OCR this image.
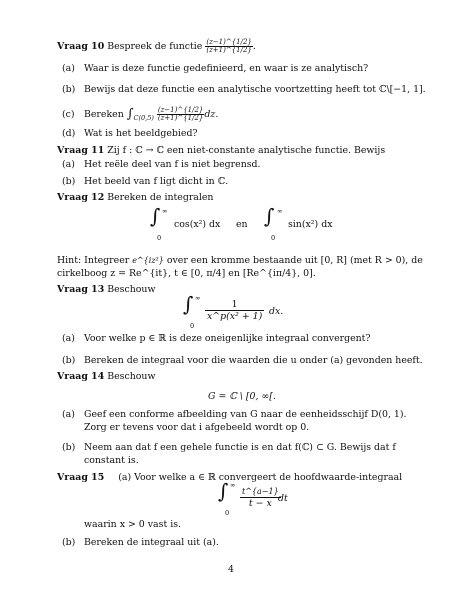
Vraag 10 Bespreek de functie $\frac{(z-1)\^{}\{1/2\}}{(z+1)\^{}\{1/2\}}$ .
(a) Waar is deze functie gedefinieerd, en waar is ze analytisch?
(b) Bewijs dat deze functie een analytische voortzetting heeft tot ℂ\[−1, 1].
(c) Bereken $\int_{C(0,5)} \frac{(z-1)\^{}\{1/2\}}{(z+1)\^{}\{1/2\}}$ dz.
(d) Wat is het beeldgebied?
Vraag 11 Zij f : ℂ → ℂ een niet-constante analytische functie. Bewijs
(a) Het reële deel van f is niet begrensd.
(b) Het beeld van f ligt dicht in ℂ.
Vraag 12 Bereken de integralen
∞
0
∫ cos(x²) dx en
∞
0
∫ sin(x²) dx
Hint: Integreer e^{iz²} over een kromme bestaande uit [0, R] (met R > 0), de
cirkelboog z = Re^{it}, t ∈ [0, π/4] en [Re^{iπ/4}, 0].
Vraag 13 Beschouw
∞
0
∫ $\frac{1}{\text{x\textasciicircum{}p(x² + 1)}}$ dx.
(a) Voor welke p ∈ ℝ is deze oneigenlijke integraal convergent?
(b) Bereken de integraal voor die waarden die u onder (a) gevonden heeft.
Vraag 14 Beschouw
G = ℂ \ [0, ∞[.
(a) Geef een conforme afbeelding van G naar de eenheidsschijf D(0, 1).
Zorg er tevens voor dat i afgebeeld wordt op 0.
(b) Neem aan dat f een gehele functie is en dat f(ℂ) ⊂ G. Bewijs dat f
constant is.
Vraag 15 (a) Voor welke a ∈ ℝ convergeert de hoofdwaarde-integraal
∞
0
∫ $\frac{t\^{}\{a-1\}}{t - x}$
dt
waarin x > 0 vast is.
(b) Bereken de integraal uit (a).
4
